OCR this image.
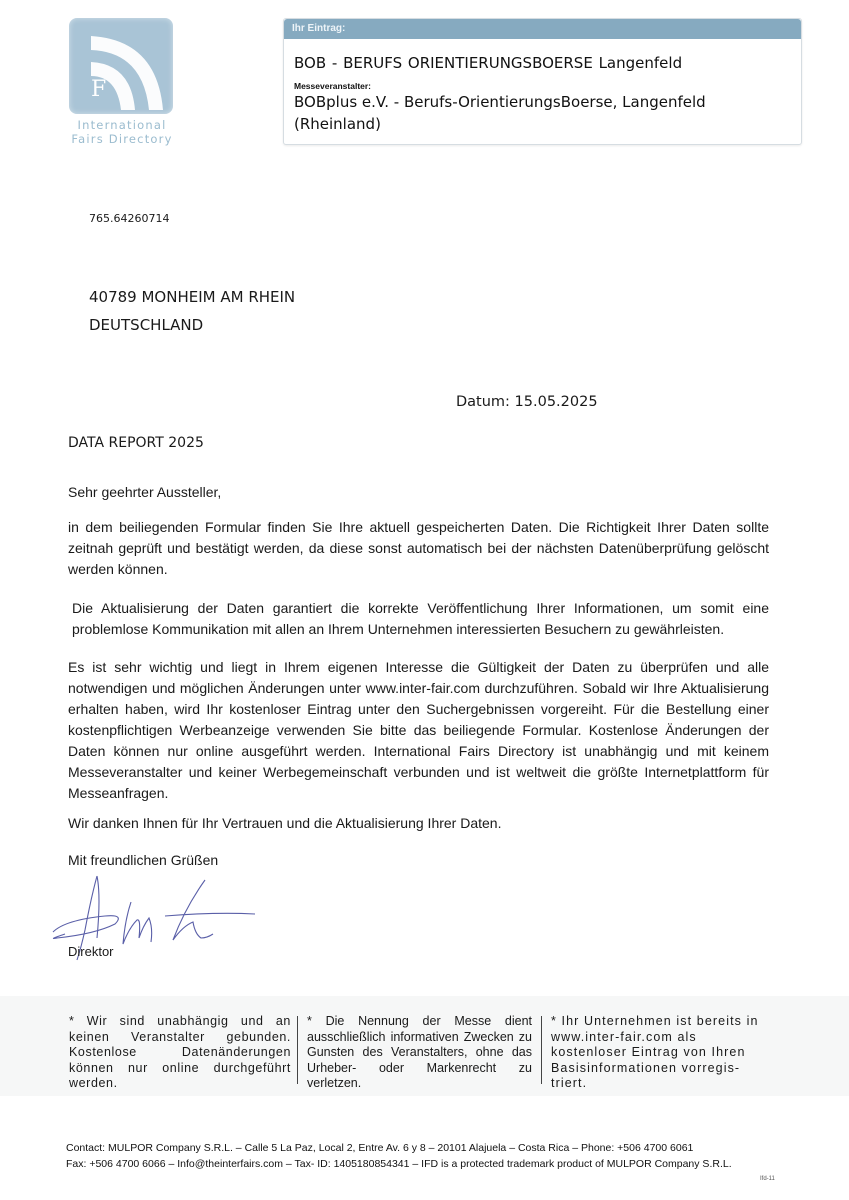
F
International
Fairs Directory
Ihr Eintrag:
BOB - BERUFS ORIENTIERUNGSBOERSE Langenfeld
Messeveranstalter:
BOBplus e.V. - Berufs-OrientierungsBoerse, Langenfeld
(Rheinland)
765.64260714
40789 MONHEIM AM RHEIN
DEUTSCHLAND
Datum: 15.05.2025
DATA REPORT 2025
Sehr geehrter Aussteller,
in dem beiliegenden Formular finden Sie Ihre aktuell gespeicherten Daten. Die Richtigkeit Ihrer Daten sollte zeitnah geprüft und bestätigt werden, da diese sonst automatisch bei der nächsten Datenüberprüfung gelöscht werden können.
Die Aktualisierung der Daten garantiert die korrekte Veröffentlichung Ihrer Informationen, um somit eine problemlose Kommunikation mit allen an Ihrem Unternehmen interessierten Besuchern zu gewährleisten.
Es ist sehr wichtig und liegt in Ihrem eigenen Interesse die Gültigkeit der Daten zu überprüfen und alle notwendigen und möglichen Änderungen unter www.inter-fair.com durchzuführen. Sobald wir Ihre Aktualisierung erhalten haben, wird Ihr kostenloser Eintrag unter den Suchergebnissen vorgereiht. Für die Bestellung einer kostenpflichtigen Werbeanzeige verwenden Sie bitte das beiliegende Formular. Kostenlose Änderungen der Daten können nur online ausgeführt werden. International Fairs Directory ist unabhängig und mit keinem Messeveranstalter und keiner Werbegemeinschaft verbunden und ist weltweit die größte Internetplattform für Messeanfragen.
Wir danken Ihnen für Ihr Vertrauen und die Aktualisierung Ihrer Daten.
Mit freundlichen Grüßen
Direktor
* Wir sind unabhängig und an keinen Veranstalter gebunden. Kostenlose Datenänderungen können nur online durchgeführt werden.
* Die Nennung der Messe dient ausschließlich informativen Zwecken zu Gunsten des Veranstalters, ohne das Urheber- oder Markenrecht zu verletzen.
* Ihr Unternehmen ist bereits in www.inter-fair.com als kostenloser Eintrag von Ihren Basisinformationen vorregis-triert.
Contact: MULPOR Company S.R.L. – Calle 5 La Paz, Local 2, Entre Av. 6 y 8 – 20101 Alajuela – Costa Rica – Phone: +506 4700 6061
Fax: +506 4700 6066 – Info@theinterfairs.com – Tax- ID: 1405180854341 – IFD is a protected trademark product of MULPOR Company S.R.L.
Ifd-11
